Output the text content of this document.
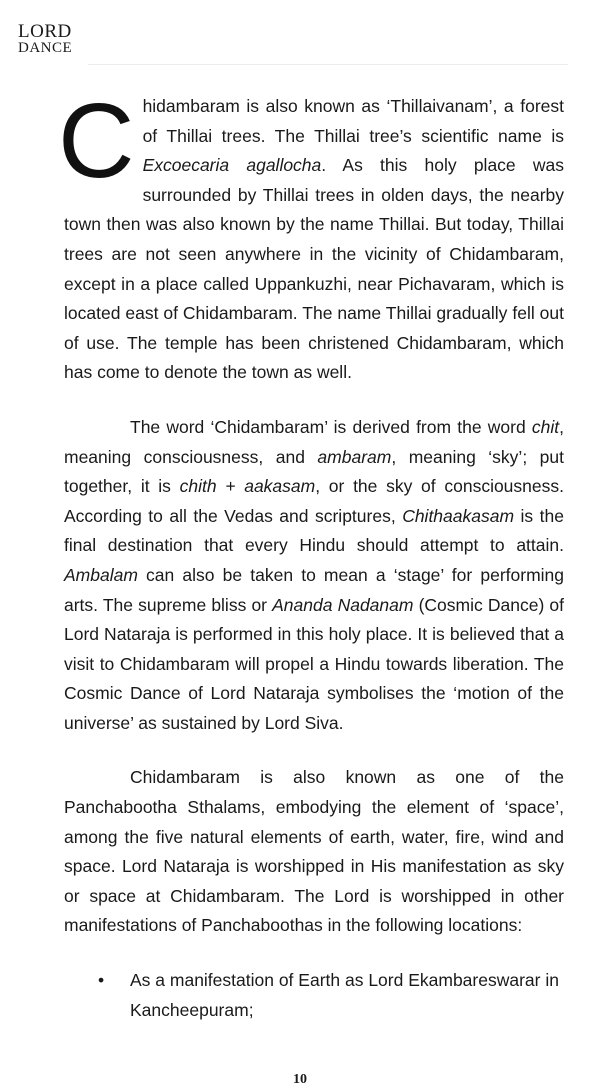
LORD
DANCE

Chidambaram is also known as ‘Thillaivanam’, a forest of Thillai trees. The Thillai tree’s scientific name is Excoecaria agallocha. As this holy place was surrounded by Thillai trees in olden days, the nearby town then was also known by the name Thillai. But today, Thillai trees are not seen anywhere in the vicinity of Chidambaram, except in a place called Uppankuzhi, near Pichavaram, which is located east of Chidambaram. The name Thillai gradually fell out of use. The temple has been christened Chidambaram, which has come to denote the town as well.

The word ‘Chidambaram’ is derived from the word chit, meaning consciousness, and ambaram, meaning ‘sky’; put together, it is chith + aakasam, or the sky of consciousness. According to all the Vedas and scriptures, Chithaakasam is the final destination that every Hindu should attempt to attain. Ambalam can also be taken to mean a ‘stage’ for performing arts. The supreme bliss or Ananda Nadanam (Cosmic Dance) of Lord Nataraja is performed in this holy place. It is believed that a visit to Chidambaram will propel a Hindu towards liberation. The Cosmic Dance of Lord Nataraja symbolises the ‘motion of the universe’ as sustained by Lord Siva.

Chidambaram is also known as one of the Panchabootha Sthalams, embodying the element of ‘space’, among the five natural elements of earth, water, fire, wind and space. Lord Nataraja is worshipped in His manifestation as sky or space at Chidambaram. The Lord is worshipped in other manifestations of Panchaboothas in the following locations:

• As a manifestation of Earth as Lord Ekambareswarar in Kancheepuram;
10
